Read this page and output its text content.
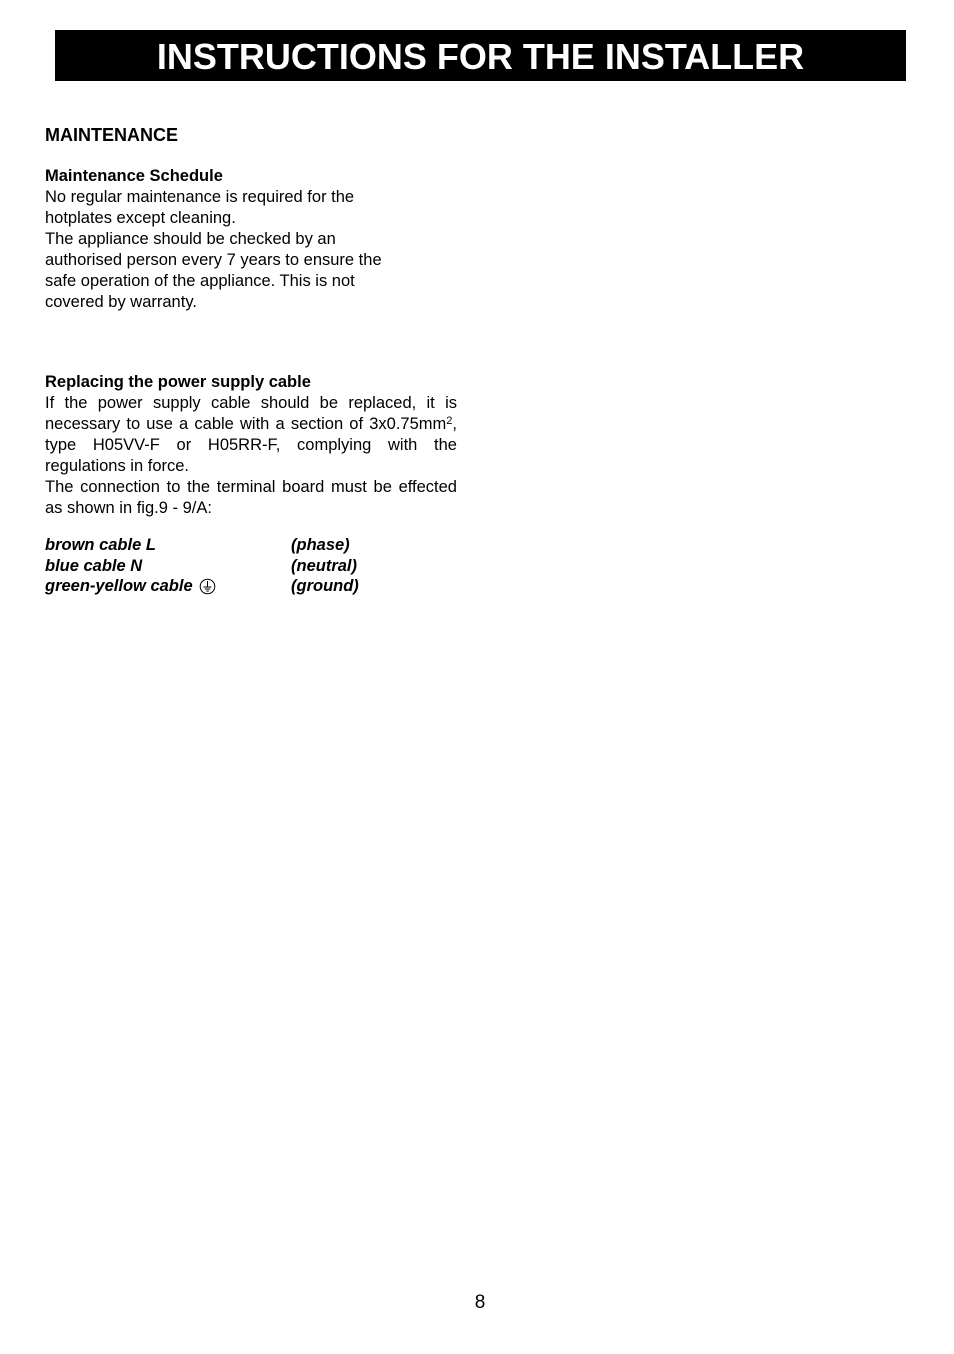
INSTRUCTIONS FOR THE INSTALLER
MAINTENANCE
Maintenance Schedule
No regular maintenance is required for the
hotplates except cleaning.
The appliance should be checked by an
authorised person every 7 years to ensure the
safe operation of the appliance. This is not
covered by warranty.
Replacing the power supply cable

If the power supply cable should be replaced, it is necessary to use a cable with a section of $3x0.75mm^2$, type H05VV-F or H05RR-F, complying with the regulations in force.

The connection to the terminal board must be effected as shown in fig.9 - 9/A:

brown cable L	(phase)
blue cable N	(neutral)
green-yellow cable	(ground)
8
